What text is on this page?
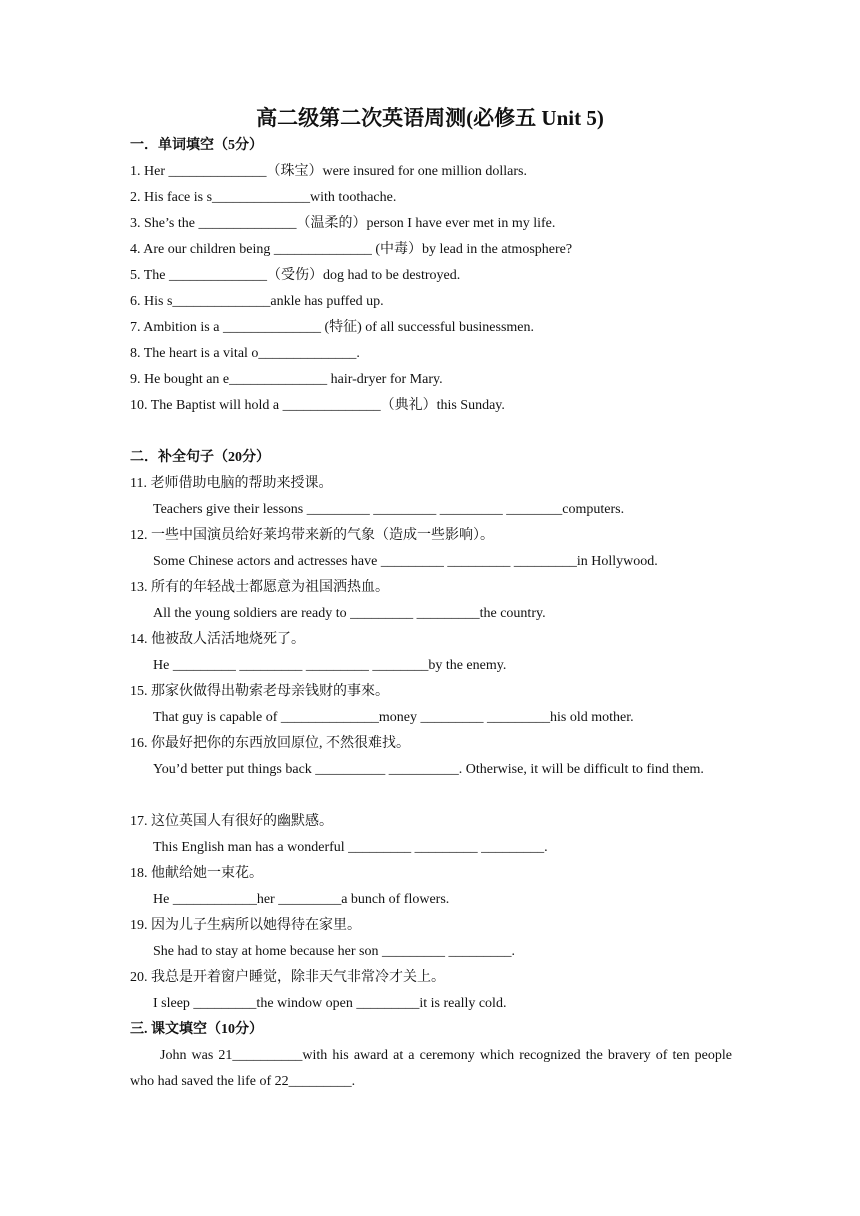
高二级第二次英语周测(必修五 Unit 5)
一．单词填空（5分）
1. Her ______________（珠宝）were insured for one million dollars.
2. His face is s______________with toothache.
3. She’s the ______________（温柔的）person I have ever met in my life.
4. Are our children being ______________ (中毒）by lead in the atmosphere?
5. The ______________（受伤）dog had to be destroyed.
6. His s______________ankle has puffed up.
7. Ambition is a ______________ (特征) of all successful businessmen.
8. The heart is a vital o______________.
9. He bought an e______________ hair-dryer for Mary.
10. The Baptist will hold a ______________（典礼）this Sunday.
二．补全句子（20分）
11. 老师借助电脑的帮助来授课。
Teachers give their lessons _________ _________ _________ ________computers.
12. 一些中国演员给好莱坞带来新的气象（造成一些影响）。
Some Chinese actors and actresses have _________ _________ _________in Hollywood.
13. 所有的年轻战士都愿意为祖国洒热血。
All the young soldiers are ready to _________ _________the country.
14. 他被敌人活活地烧死了。
He _________ _________ _________ ________by the enemy.
15. 那家伙做得出勒索老母亲钱财的事來。
That guy is capable of ______________money _________ _________his old mother.
16. 你最好把你的东西放回原位, 不然很难找。
You’d better put things back __________ __________. Otherwise, it will be difficult to find them.
17. 这位英国人有很好的幽默感。
This English man has a wonderful _________ _________ _________.
18. 他献给她一束花。
He ____________her _________a bunch of flowers.
19. 因为儿子生病所以她得待在家里。
She had to stay at home because her son _________ _________.
20. 我总是开着窗户睡觉，除非天气非常冷才关上。
I sleep _________the window open _________it is really cold.
三. 课文填空（10分）
John was 21__________with his award at a ceremony which recognized the bravery of ten people who had saved the life of 22_________.
